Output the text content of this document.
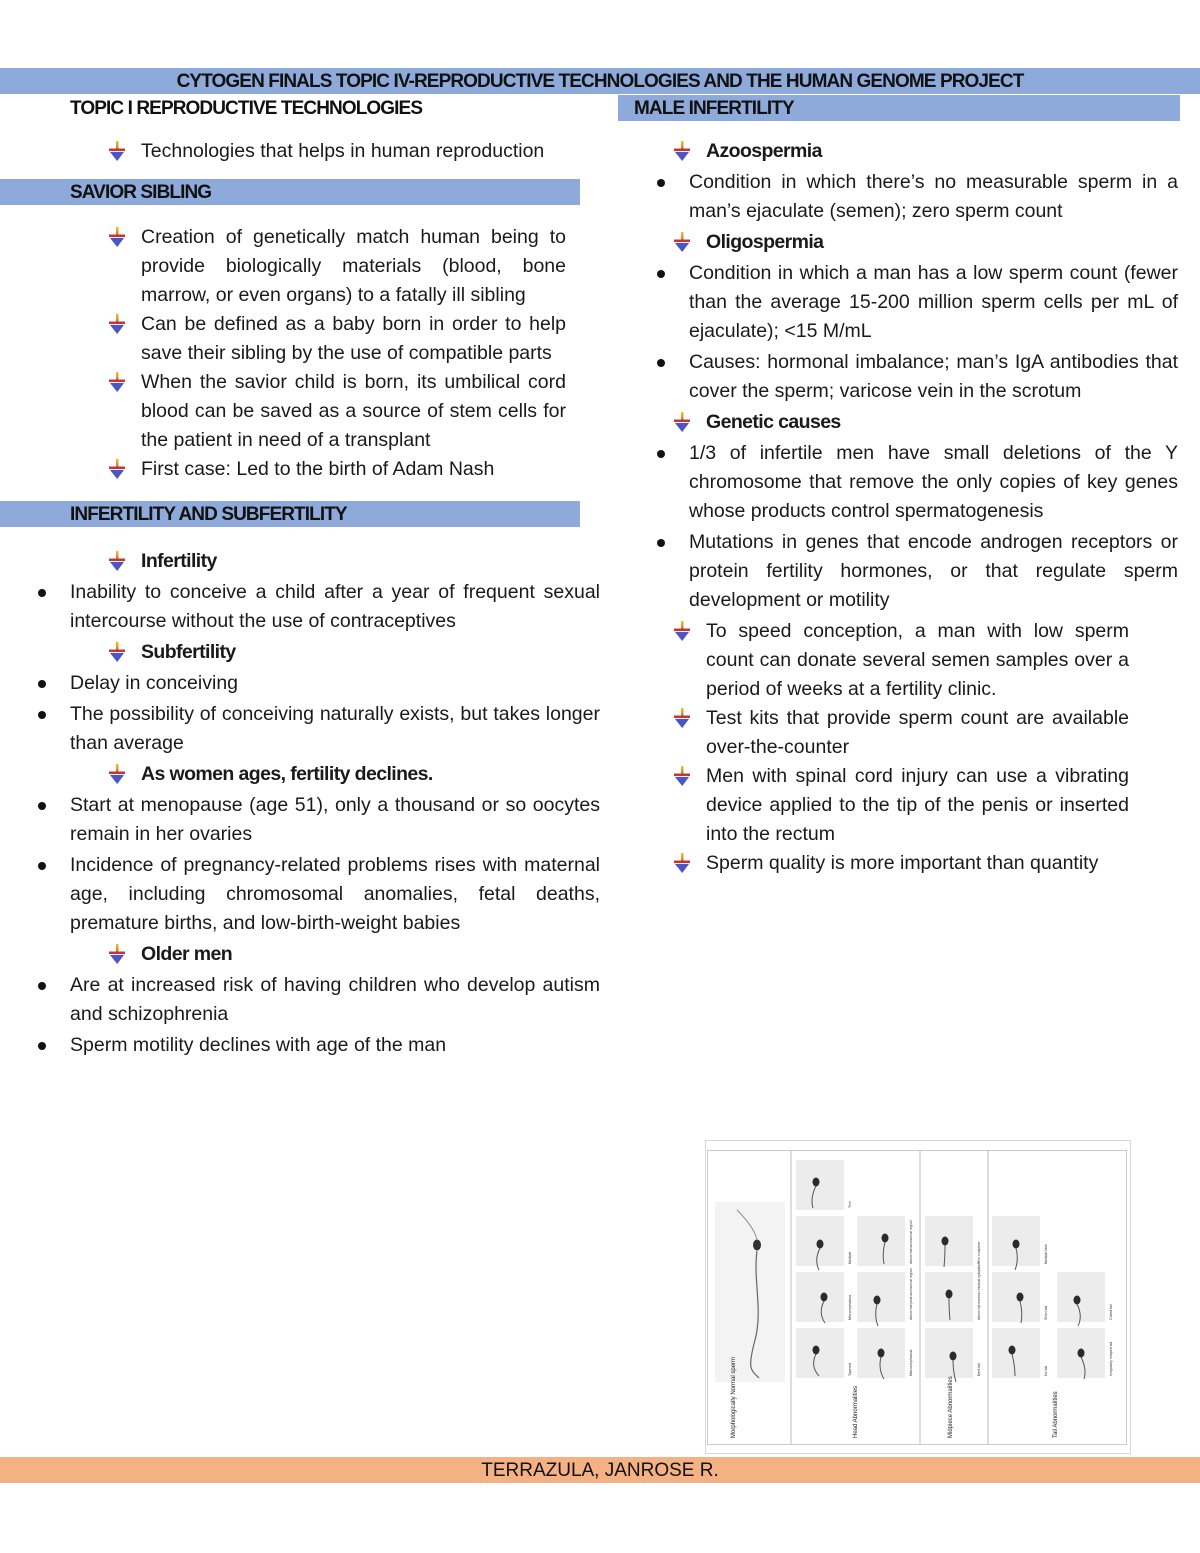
CYTOGEN FINALS TOPIC IV-REPRODUCTIVE TECHNOLOGIES AND THE HUMAN GENOME PROJECT
TOPIC I REPRODUCTIVE TECHNOLOGIES
Technologies that helps in human reproduction
SAVIOR SIBLING
Creation of genetically match human being to provide biologically materials (blood, bone marrow, or even organs) to a fatally ill sibling
Can be defined as a baby born in order to help save their sibling by the use of compatible parts
When the savior child is born, its umbilical cord blood can be saved as a source of stem cells for the patient in need of a transplant
First case: Led to the birth of Adam Nash
INFERTILITY AND SUBFERTILITY
Infertility
Inability to conceive a child after a year of frequent sexual intercourse without the use of contraceptives
Subfertility
Delay in conceiving
The possibility of conceiving naturally exists, but takes longer than average
As women ages, fertility declines.
Start at menopause (age 51), only a thousand or so oocytes remain in her ovaries
Incidence of pregnancy-related problems rises with maternal age, including chromosomal anomalies, fetal deaths, premature births, and low-birth-weight babies
Older men
Are at increased risk of having children who develop autism and schizophrenia
Sperm motility declines with age of the man
MALE INFERTILITY
Azoospermia
Condition in which there’s no measurable sperm in a man’s ejaculate (semen); zero sperm count
Oligospermia
Condition in which a man has a low sperm count (fewer than the average 15-200 million sperm cells per mL of ejaculate); <15 M/mL
Causes: hormonal imbalance; man’s IgA antibodies that cover the sperm; varicose vein in the scrotum
Genetic causes
1/3 of infertile men have small deletions of the Y chromosome that remove the only copies of key genes whose products control spermatogenesis
Mutations in genes that encode androgen receptors or protein fertility hormones, or that regulate sperm development or motility
To speed conception, a man with low sperm count can donate several semen samples over a period of weeks at a fertility clinic.
Test kits that provide sperm count are available over-the-counter
Men with spinal cord injury can use a vibrating device applied to the tip of the penis or inserted into the rectum
Sperm quality is more important than quantity
Thin
Multiple	Abnormal acrosomal region	Thin midpiece	Multiple tails
Microcephalous	Abnormal post-acrosomal region	Abnormal excess residual cytoplasm	Short tail	Coiled tail
Tapered	Macrocephalous	Bent tail	No tail	Irregularly shaped tail
Morphologically Normal sperm	Head Abnormalities	Midpiece Abnormalities	Tail Abnormalities
TERRAZULA, JANROSE R.
